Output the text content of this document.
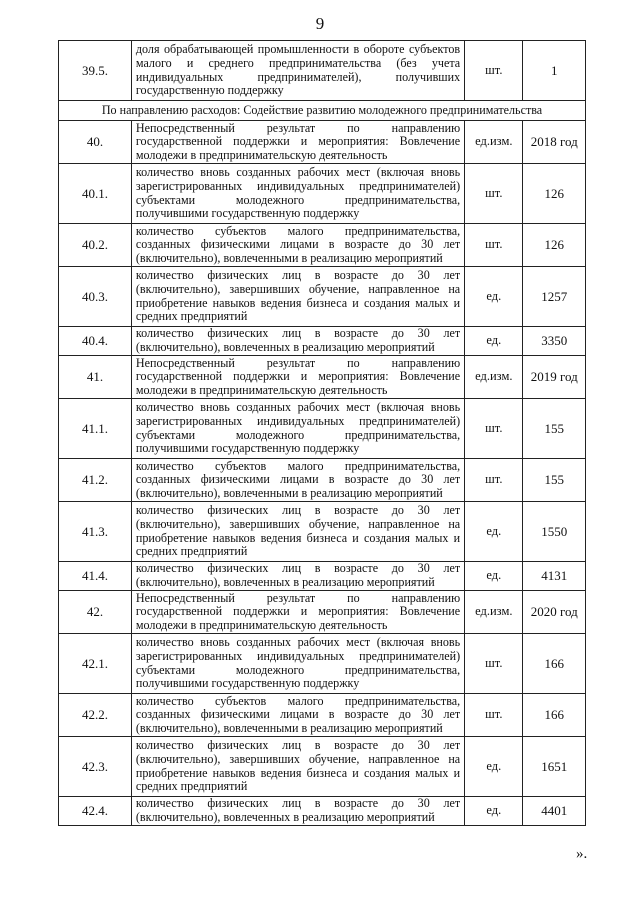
9
39.5.	доля обрабатывающей промышленности в обороте субъектов малого и среднего предпринимательства (без учета индивидуальных предпринимателей), получивших государственную поддержку	шт.	1
По направлению расходов: Содействие развитию молодежного предпринимательства			
40.	Непосредственный результат по направлению государственной поддержки и мероприятия: Вовлечение молодежи в предпринимательскую деятельность	ед.изм.	2018 год
40.1.	количество вновь созданных рабочих мест (включая вновь зарегистрированных индивидуальных предпринимателей) субъектами молодежного предпринимательства, получившими государственную поддержку	шт.	126
40.2.	количество субъектов малого предпринимательства, созданных физическими лицами в возрасте до 30 лет (включительно), вовлеченными в реализацию мероприятий	шт.	126
40.3.	количество физических лиц в возрасте до 30 лет (включительно), завершивших обучение, направленное на приобретение навыков ведения бизнеса и создания малых и средних предприятий	ед.	1257
40.4.	количество физических лиц в возрасте до 30 лет (включительно), вовлеченных в реализацию мероприятий	ед.	3350
41.	Непосредственный результат по направлению государственной поддержки и мероприятия: Вовлечение молодежи в предпринимательскую деятельность	ед.изм.	2019 год
41.1.	количество вновь созданных рабочих мест (включая вновь зарегистрированных индивидуальных предпринимателей) субъектами молодежного предпринимательства, получившими государственную поддержку	шт.	155
41.2.	количество субъектов малого предпринимательства, созданных физическими лицами в возрасте до 30 лет (включительно), вовлеченными в реализацию мероприятий	шт.	155
41.3.	количество физических лиц в возрасте до 30 лет (включительно), завершивших обучение, направленное на приобретение навыков ведения бизнеса и создания малых и средних предприятий	ед.	1550
41.4.	количество физических лиц в возрасте до 30 лет (включительно), вовлеченных в реализацию мероприятий	ед.	4131
42.	Непосредственный результат по направлению государственной поддержки и мероприятия: Вовлечение молодежи в предпринимательскую деятельность	ед.изм.	2020 год
42.1.	количество вновь созданных рабочих мест (включая вновь зарегистрированных индивидуальных предпринимателей) субъектами молодежного предпринимательства, получившими государственную поддержку	шт.	166
42.2.	количество субъектов малого предпринимательства, созданных физическими лицами в возрасте до 30 лет (включительно), вовлеченными в реализацию мероприятий	шт.	166
42.3.	количество физических лиц в возрасте до 30 лет (включительно), завершивших обучение, направленное на приобретение навыков ведения бизнеса и создания малых и средних предприятий	ед.	1651
42.4.	количество физических лиц в возрасте до 30 лет (включительно), вовлеченных в реализацию мероприятий	ед.	4401
».
